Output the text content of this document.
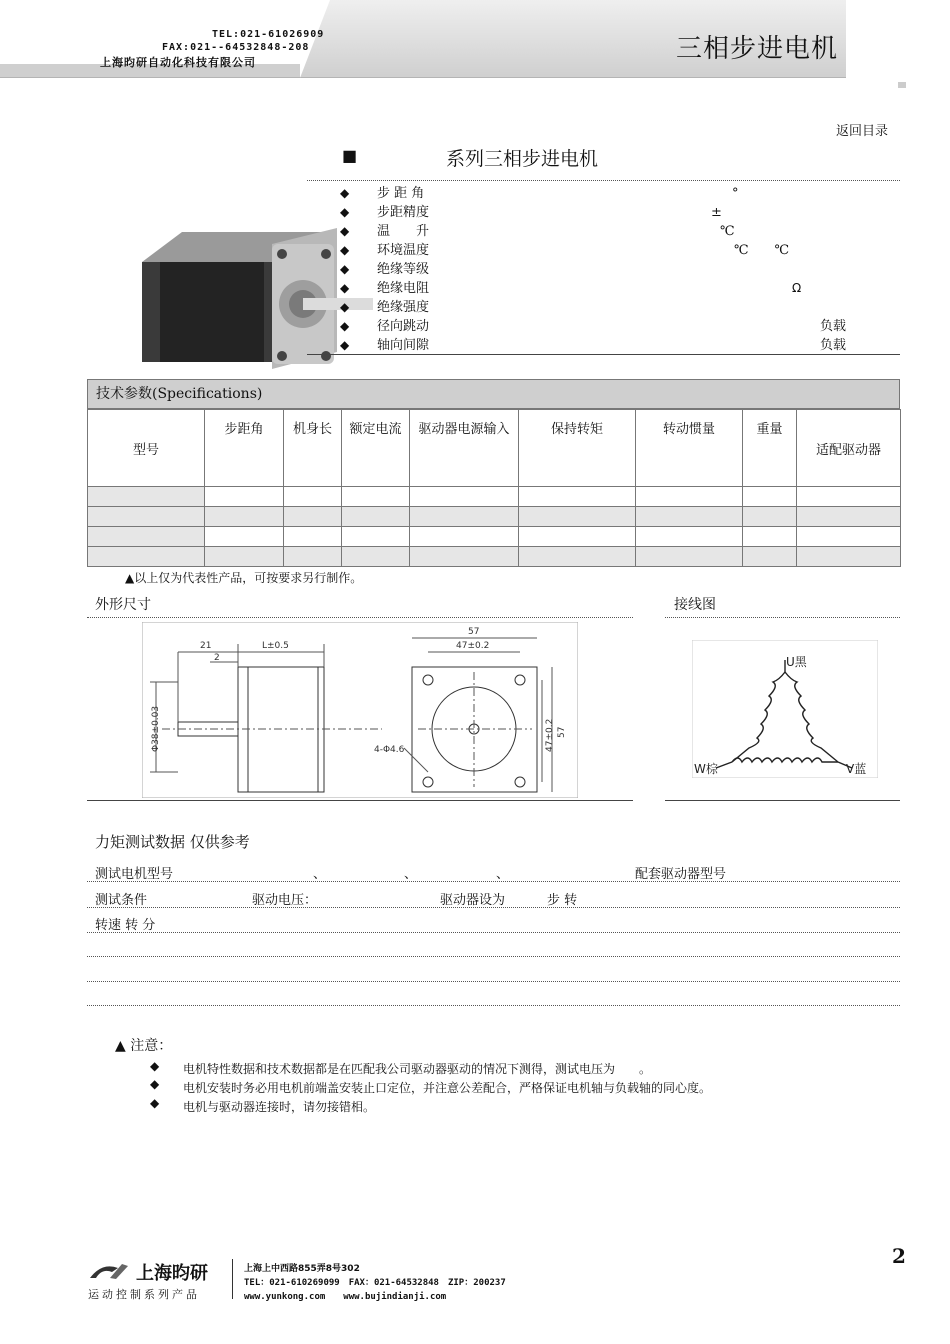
TEL:021-61026909
FAX:021--64532848-208
上海昀研自动化科技有限公司	三相步进电机
返回目录
■	系列三相步进电机
◆ 步 距 角	°
◆ 步距精度	±
◆ 温　　升	℃
◆ 环境温度	℃　　℃
◆ 绝缘等级
◆ 绝缘电阻	Ω
◆ 绝缘强度
◆ 径向跳动	负载
◆ 轴向间隙	负载
技术参数(Specifications)
型号	步距角	机身长	额定电流	驱动器电源输入	保持转矩	转动惯量	重量	适配驱动器

▲以上仅为代表性产品，可按要求另行制作。
外形尺寸	接线图
21
2
L±0.5
Φ38±0.03
57
47±0.2
47±0.2 57
4-Φ4.6
U黑
W棕	V蓝
力矩测试数据 仅供参考
测试电机型号	、	、	、	配套驱动器型号
测试条件	驱动电压：	驱动器设为	步 转
转速 转 分
▲ 注意：
◆ 电机特性数据和技术数据都是在匹配我公司驱动器驱动的情况下测得，测试电压为　　。
◆ 电机安装时务必用电机前端盖安装止口定位，并注意公差配合，严格保证电机轴与负载轴的同心度。
◆ 电机与驱动器连接时，请勿接错相。
上海昀研
运动控制系列产品
上海上中西路855弄8号302
TEL：021-610269099　FAX：021-64532848　ZIP：200237
www.yunkong.com　　www.bujindianji.com
2
